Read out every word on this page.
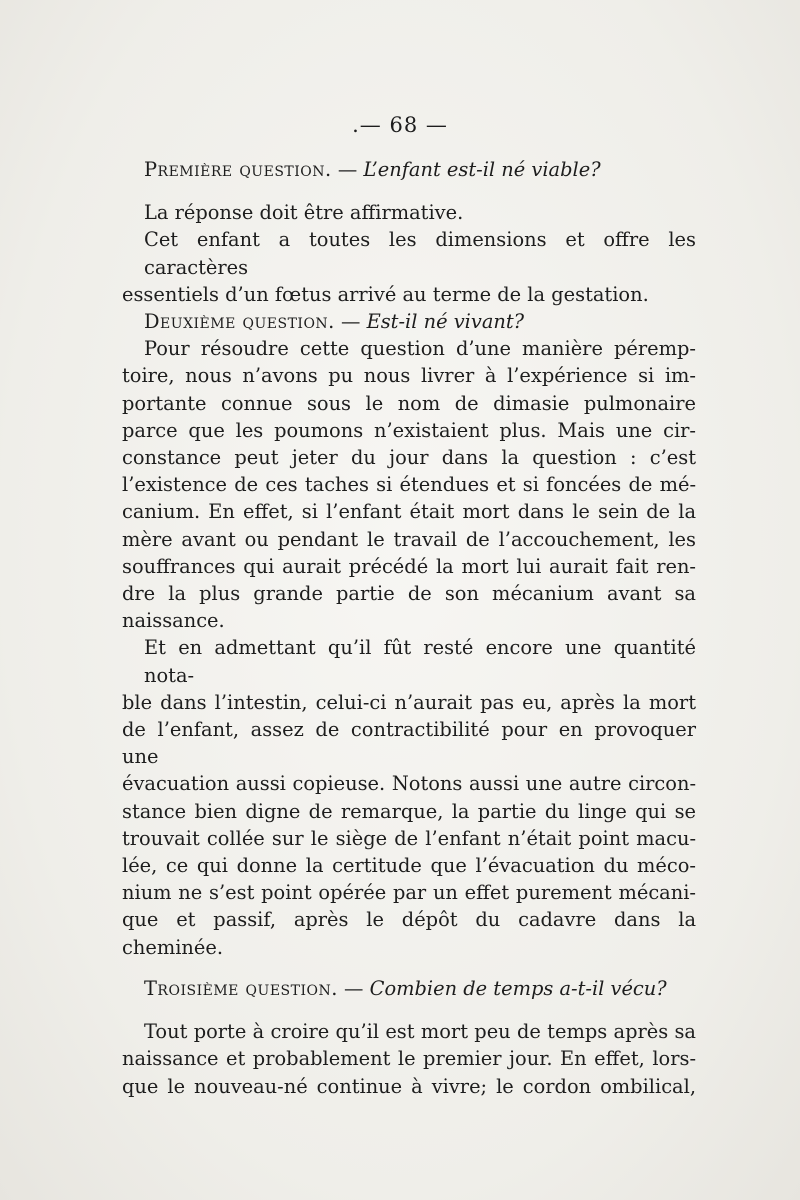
.— 68 —

Première question. — L’enfant est-il né viable?

La réponse doit être affirmative.

Cet enfant a toutes les dimensions et offre les caractères

essentiels d’un fœtus arrivé au terme de la gestation.

Deuxième question. — Est-il né vivant?

Pour résoudre cette question d’une manière péremp-

toire, nous n’avons pu nous livrer à l’expérience si im-

portante connue sous le nom de dimasie pulmonaire

parce que les poumons n’existaient plus. Mais une cir-

constance peut jeter du jour dans la question : c’est

l’existence de ces taches si étendues et si foncées de mé-

canium. En effet, si l’enfant était mort dans le sein de la

mère avant ou pendant le travail de l’accouchement, les

souffrances qui aurait précédé la mort lui aurait fait ren-

dre la plus grande partie de son mécanium avant sa

naissance.

Et en admettant qu’il fût resté encore une quantité nota-

ble dans l’intestin, celui-ci n’aurait pas eu, après la mort

de l’enfant, assez de contractibilité pour en provoquer une

évacuation aussi copieuse. Notons aussi une autre circon-

stance bien digne de remarque, la partie du linge qui se

trouvait collée sur le siège de l’enfant n’était point macu-

lée, ce qui donne la certitude que l’évacuation du méco-

nium ne s’est point opérée par un effet purement mécani-

que et passif, après le dépôt du cadavre dans la cheminée.

Troisième question. — Combien de temps a-t-il vécu?

Tout porte à croire qu’il est mort peu de temps après sa

naissance et probablement le premier jour. En effet, lors-

que le nouveau-né continue à vivre; le cordon ombilical,
